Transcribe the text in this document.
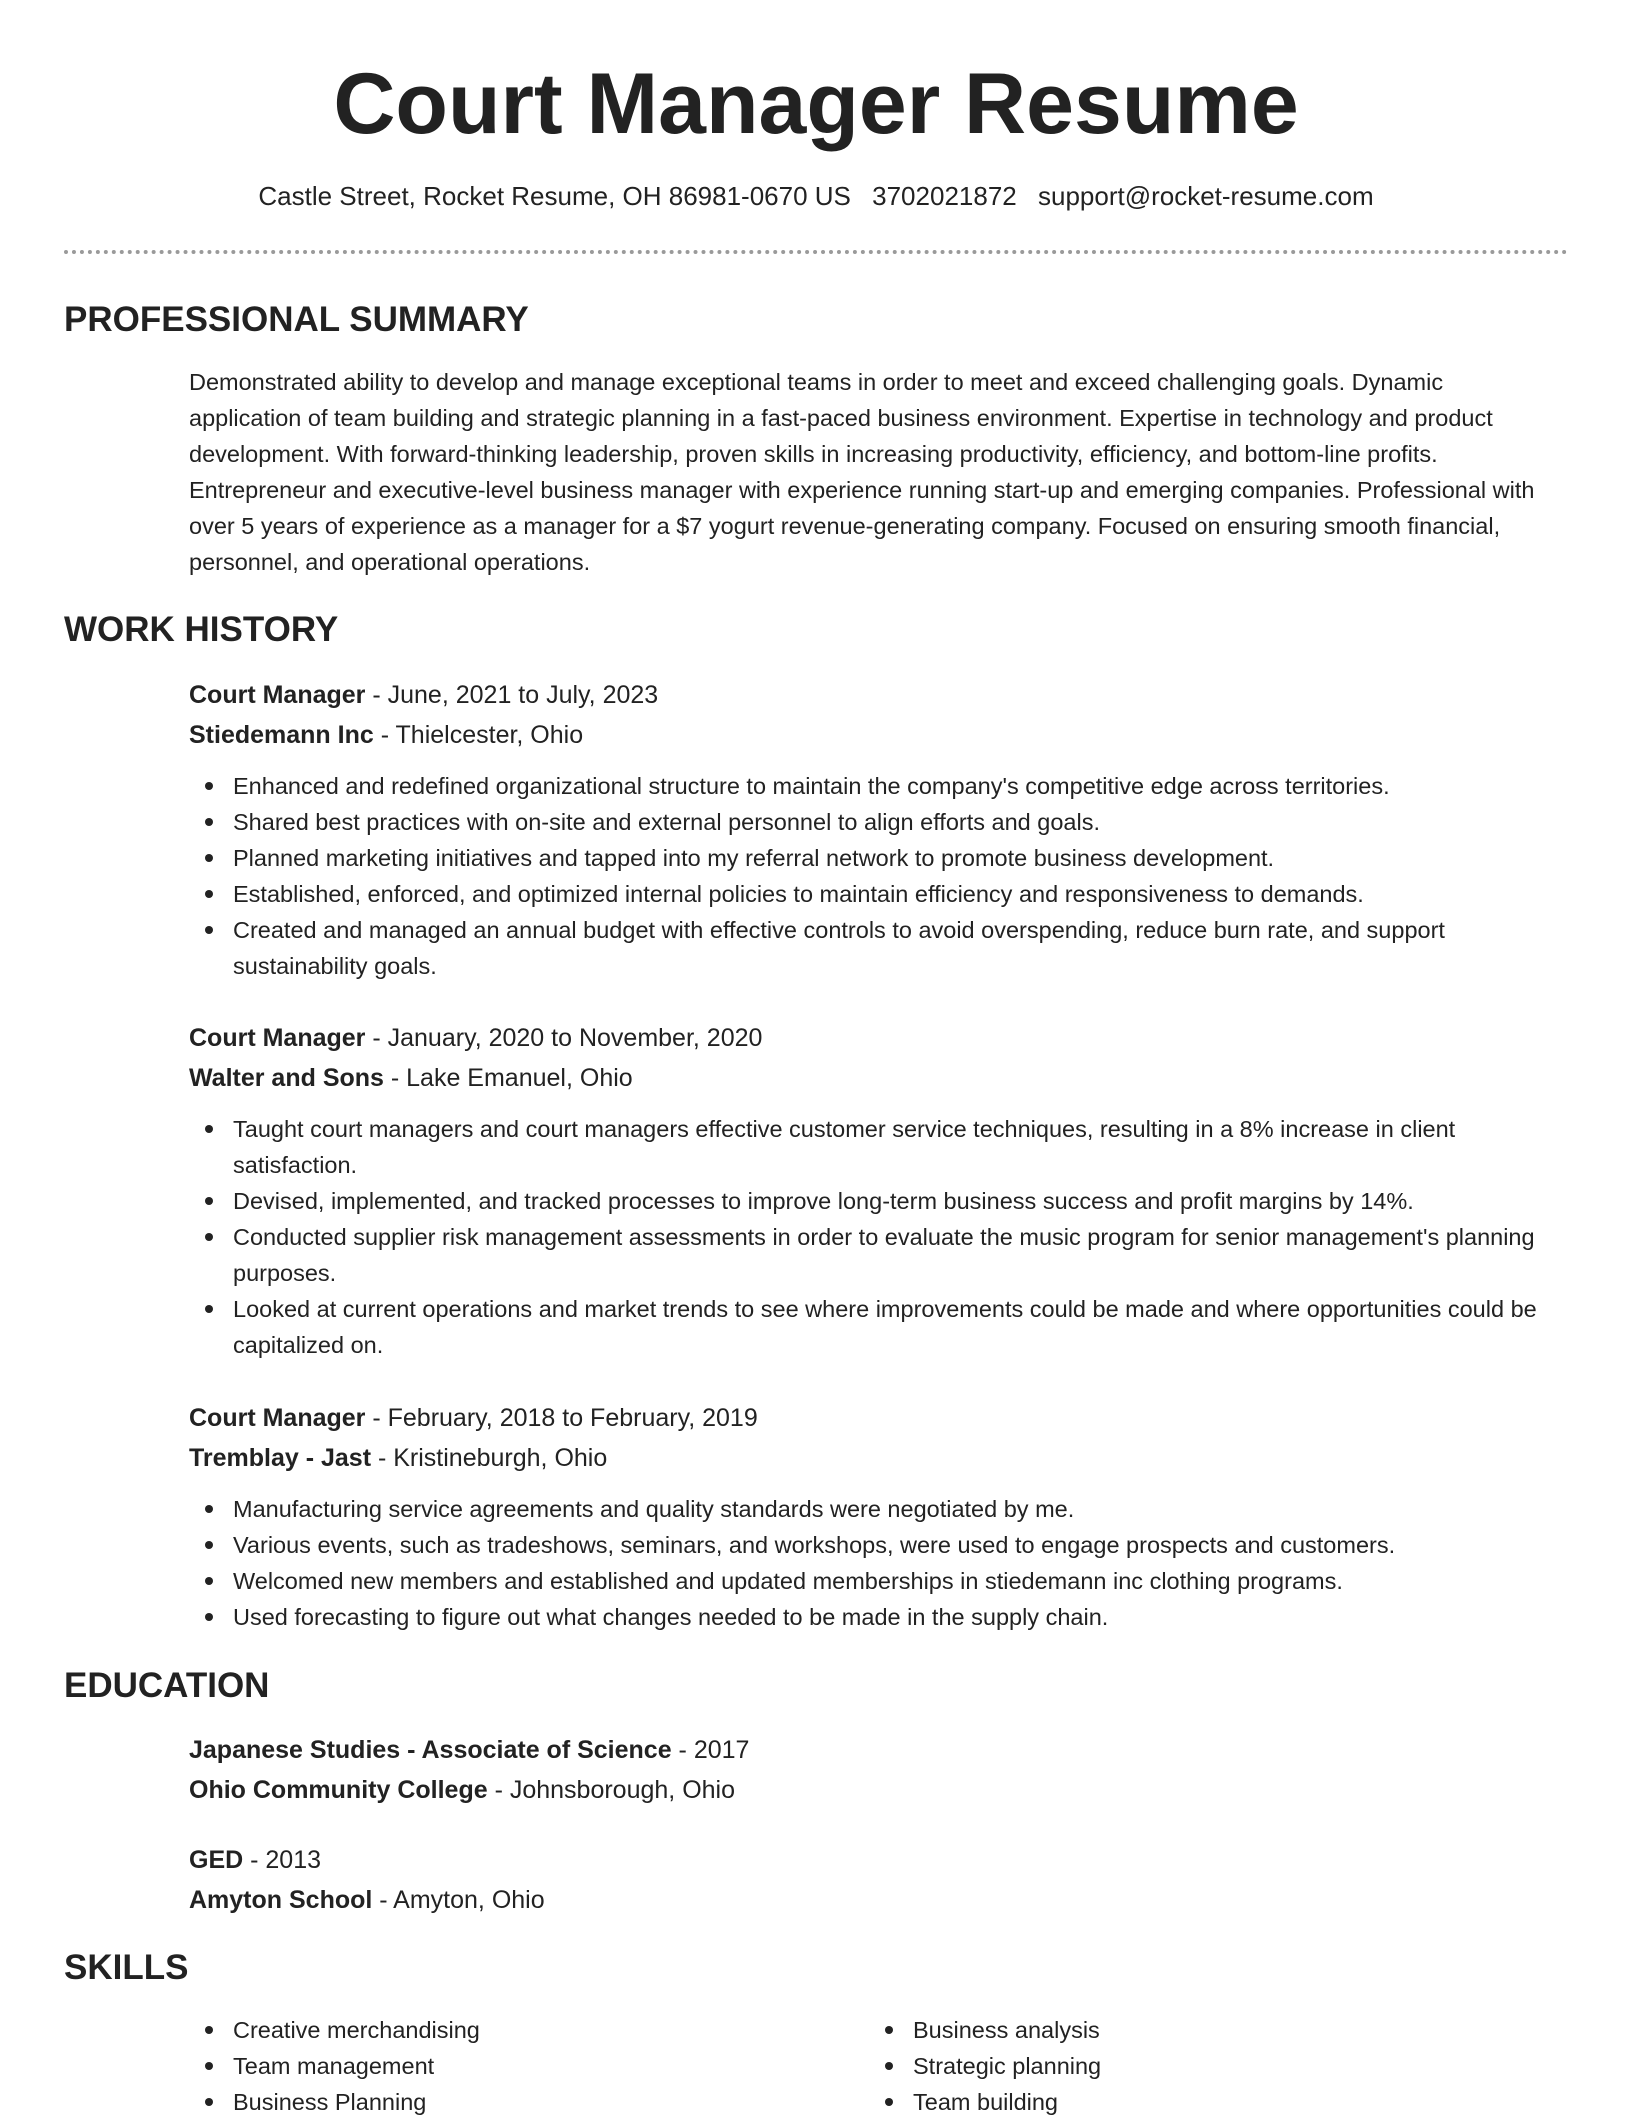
Court Manager Resume
Castle Street, Rocket Resume, OH 86981-0670 US 3702021872 support@rocket-resume.com
PROFESSIONAL SUMMARY

Demonstrated ability to develop and manage exceptional teams in order to meet and exceed challenging goals. Dynamic application of team building and strategic planning in a fast-paced business environment. Expertise in technology and product development. With forward-thinking leadership, proven skills in increasing productivity, efficiency, and bottom-line profits. Entrepreneur and executive-level business manager with experience running start-up and emerging companies. Professional with over 5 years of experience as a manager for a $7 yogurt revenue-generating company. Focused on ensuring smooth financial, personnel, and operational operations.

WORK HISTORY
Court Manager - June, 2021 to July, 2023
Stiedemann Inc - Thielcester, Ohio
Enhanced and redefined organizational structure to maintain the company's competitive edge across territories.
Shared best practices with on-site and external personnel to align efforts and goals.
Planned marketing initiatives and tapped into my referral network to promote business development.
Established, enforced, and optimized internal policies to maintain efficiency and responsiveness to demands.
Created and managed an annual budget with effective controls to avoid overspending, reduce burn rate, and support sustainability goals.
Court Manager - January, 2020 to November, 2020
Walter and Sons - Lake Emanuel, Ohio
Taught court managers and court managers effective customer service techniques, resulting in a 8% increase in client satisfaction.
Devised, implemented, and tracked processes to improve long-term business success and profit margins by 14%.
Conducted supplier risk management assessments in order to evaluate the music program for senior management's planning purposes.
Looked at current operations and market trends to see where improvements could be made and where opportunities could be capitalized on.
Court Manager - February, 2018 to February, 2019
Tremblay - Jast - Kristineburgh, Ohio
Manufacturing service agreements and quality standards were negotiated by me.
Various events, such as tradeshows, seminars, and workshops, were used to engage prospects and customers.
Welcomed new members and established and updated memberships in stiedemann inc clothing programs.
Used forecasting to figure out what changes needed to be made in the supply chain.
EDUCATION
Japanese Studies - Associate of Science - 2017
Ohio Community College - Johnsborough, Ohio
GED - 2013
Amyton School - Amyton, Ohio
SKILLS
Creative merchandising
Team management
Business Planning
Business analysis
Strategic planning
Team building
